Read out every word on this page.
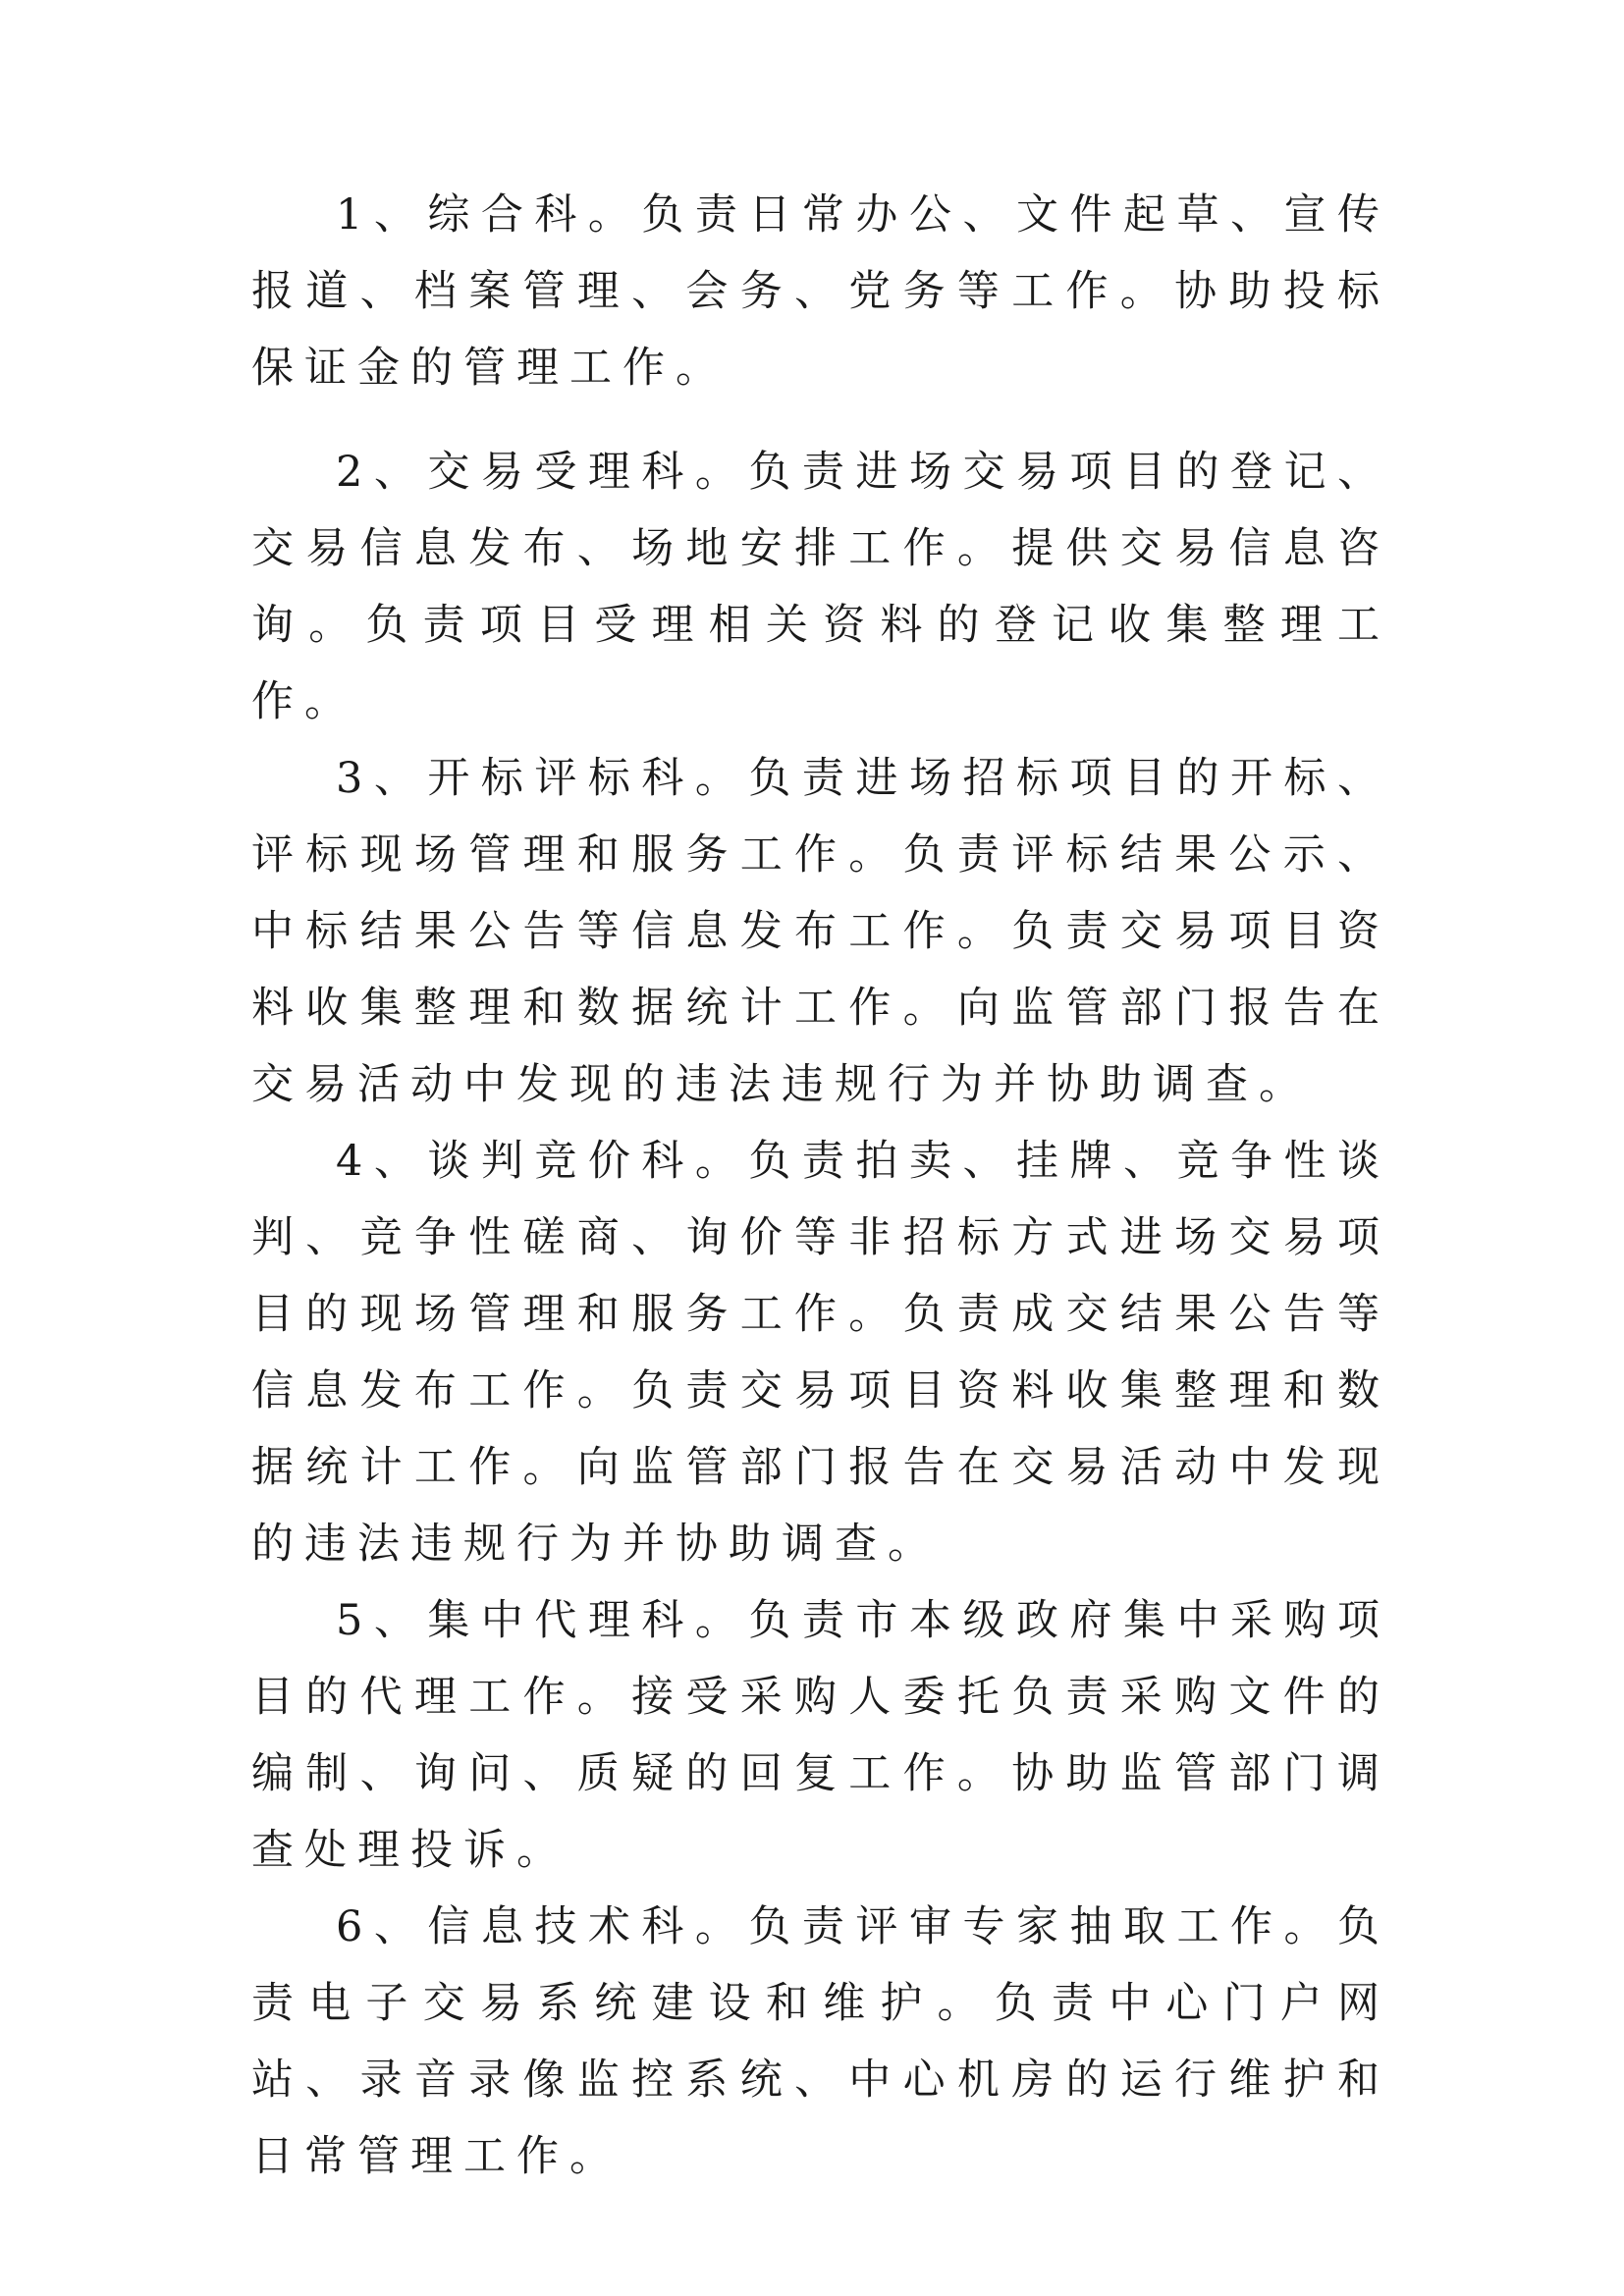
1、综合科。负责日常办公、文件起草、宣传报道、档案管理、会务、党务等工作。协助投标保证金的管理工作。

2、交易受理科。负责进场交易项目的登记、交易信息发布、场地安排工作。提供交易信息咨询。负责项目受理相关资料的登记收集整理工作。

3、开标评标科。负责进场招标项目的开标、评标现场管理和服务工作。负责评标结果公示、中标结果公告等信息发布工作。负责交易项目资料收集整理和数据统计工作。向监管部门报告在交易活动中发现的违法违规行为并协助调查。

4、谈判竞价科。负责拍卖、挂牌、竞争性谈判、竞争性磋商、询价等非招标方式进场交易项目的现场管理和服务工作。负责成交结果公告等信息发布工作。负责交易项目资料收集整理和数据统计工作。向监管部门报告在交易活动中发现的违法违规行为并协助调查。

5、集中代理科。负责市本级政府集中采购项目的代理工作。接受采购人委托负责采购文件的编制、询问、质疑的回复工作。协助监管部门调查处理投诉。

6、信息技术科。负责评审专家抽取工作。负责电子交易系统建设和维护。负责中心门户网站、录音录像监控系统、中心机房的运行维护和日常管理工作。
